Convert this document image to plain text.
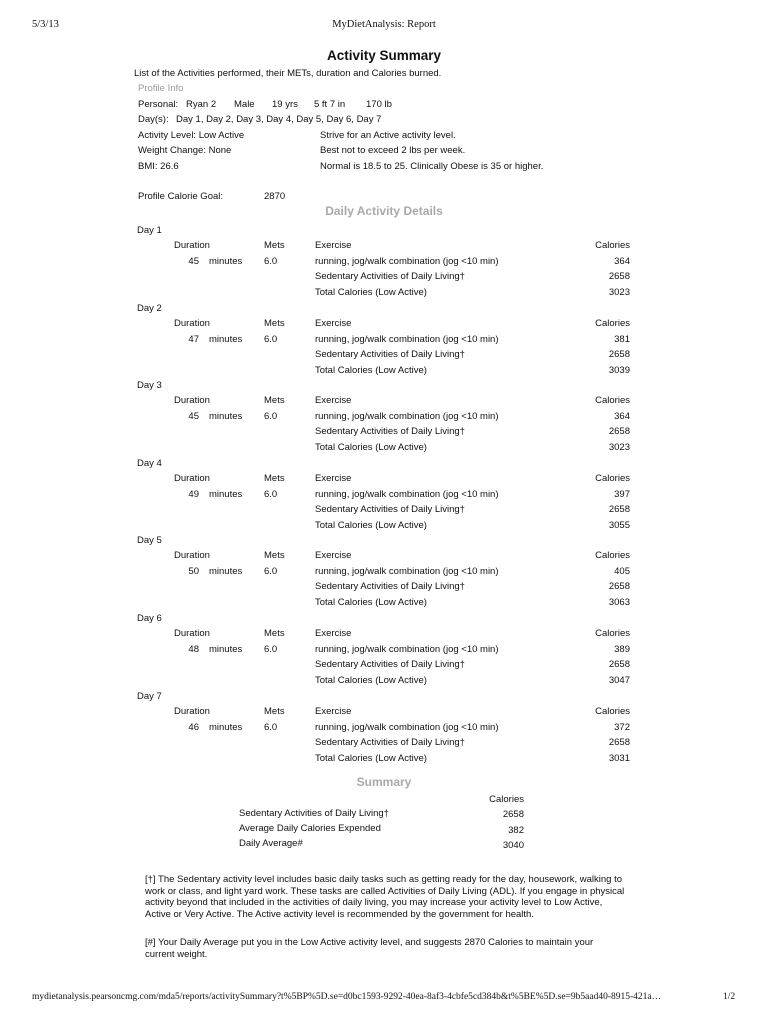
5/3/13	MyDietAnalysis: Report
Activity Summary
List of the Activities performed, their METs, duration and Calories burned.
Profile Info
Personal: Ryan 2 Male 19 yrs 5 ft 7 in 170 lb
Day(s): Day 1, Day 2, Day 3, Day 4, Day 5, Day 6, Day 7
Activity Level: Low Active	Strive for an Active activity level.
Weight Change: None	Best not to exceed 2 lbs per week.
BMI: 26.6	Normal is 18.5 to 25. Clinically Obese is 35 or higher.
Profile Calorie Goal:	2870
Daily Activity Details
Day 1
Duration	Mets	Exercise	Calories
45 minutes 6.0	running, jog/walk combination (jog <10 min)	364
Sedentary Activities of Daily Living†	2658
Total Calories (Low Active)	3023
Day 2
Duration	Mets	Exercise	Calories
47 minutes 6.0	running, jog/walk combination (jog <10 min)	381
Sedentary Activities of Daily Living†	2658
Total Calories (Low Active)	3039
Day 3
Duration	Mets	Exercise	Calories
45 minutes 6.0	running, jog/walk combination (jog <10 min)	364
Sedentary Activities of Daily Living†	2658
Total Calories (Low Active)	3023
Day 4
Duration	Mets	Exercise	Calories
49 minutes 6.0	running, jog/walk combination (jog <10 min)	397
Sedentary Activities of Daily Living†	2658
Total Calories (Low Active)	3055
Day 5
Duration	Mets	Exercise	Calories
50 minutes 6.0	running, jog/walk combination (jog <10 min)	405
Sedentary Activities of Daily Living†	2658
Total Calories (Low Active)	3063
Day 6
Duration	Mets	Exercise	Calories
48 minutes 6.0	running, jog/walk combination (jog <10 min)	389
Sedentary Activities of Daily Living†	2658
Total Calories (Low Active)	3047
Day 7
Duration	Mets	Exercise	Calories
46 minutes 6.0	running, jog/walk combination (jog <10 min)	372
Sedentary Activities of Daily Living†	2658
Total Calories (Low Active)	3031
Summary
Calories
Sedentary Activities of Daily Living†	2658
Average Daily Calories Expended	382
Daily Average#	3040
[†] The Sedentary activity level includes basic daily tasks such as getting ready for the day, housework, walking to work or class, and light yard work. These tasks are called Activities of Daily Living (ADL). If you engage in physical activity beyond that included in the activities of daily living, you may increase your activity level to Low Active, Active or Very Active. The Active activity level is recommended by the government for health.
[#] Your Daily Average put you in the Low Active activity level, and suggests 2870 Calories to maintain your current weight.
mydietanalysis.pearsoncmg.com/mda5/reports/activitySummary?t%5BP%5D.se=d0bc1593-9292-40ea-8af3-4cbfe5cd384b&t%5BE%5D.se=9b5aad40-8915-421a…	1/2
